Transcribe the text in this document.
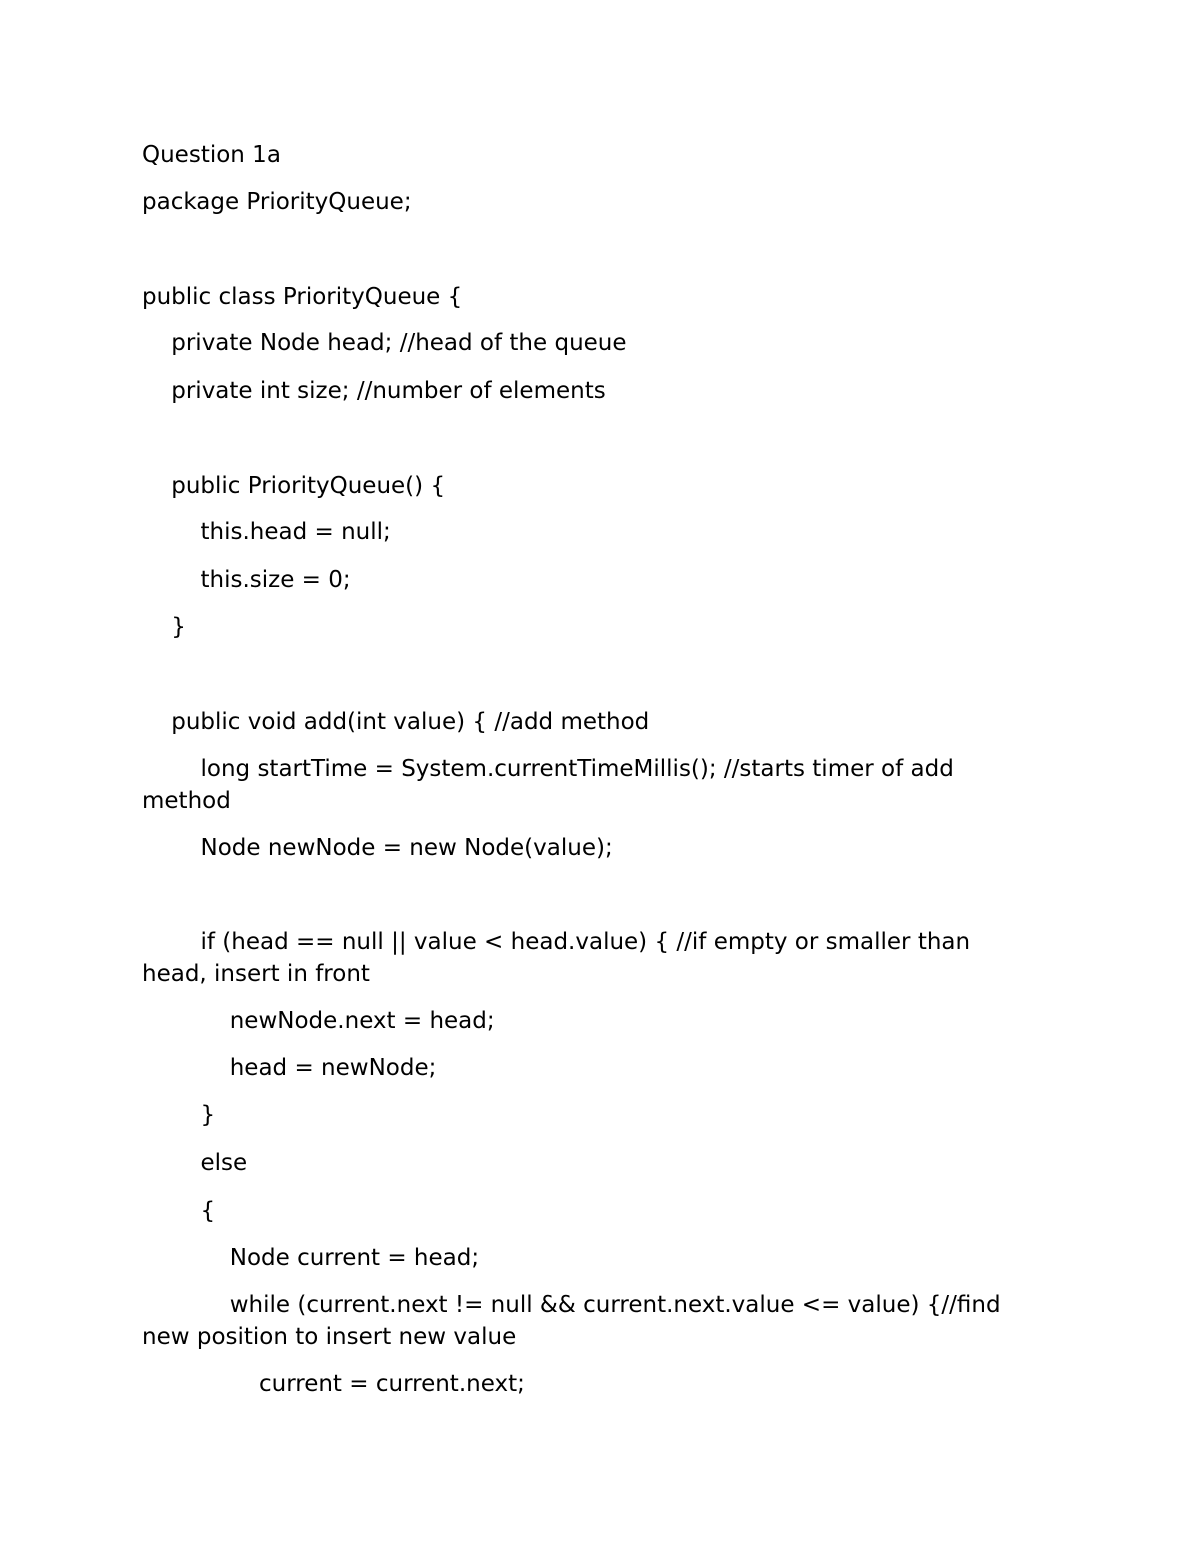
Question 1a

package PriorityQueue;

public class PriorityQueue {

private Node head; //head of the queue

private int size; //number of elements

public PriorityQueue() {

this.head = null;

this.size = 0;

}

public void add(int value) { //add method

long startTime = System.currentTimeMillis(); //starts timer of add method

Node newNode = new Node(value);

if (head == null || value < head.value) { //if empty or smaller than head, insert in front

newNode.next = head;

head = newNode;

}

else

{

Node current = head;

while (current.next != null && current.next.value <= value) {//find new position to insert new value

current = current.next;
